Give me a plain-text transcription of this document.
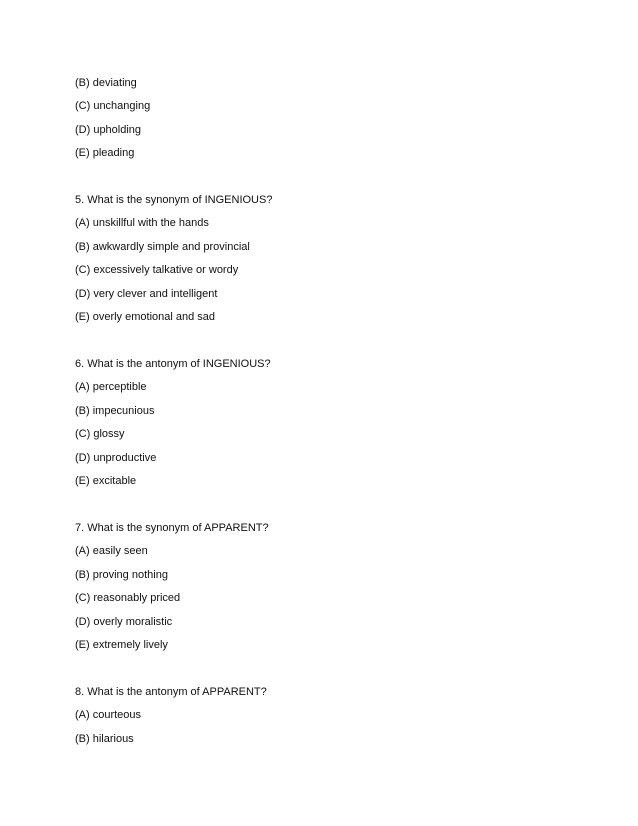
(B) deviating
(C) unchanging
(D) upholding
(E) pleading
5. What is the synonym of INGENIOUS?
(A) unskillful with the hands
(B) awkwardly simple and provincial
(C) excessively talkative or wordy
(D) very clever and intelligent
(E) overly emotional and sad
6. What is the antonym of INGENIOUS?
(A) perceptible
(B) impecunious
(C) glossy
(D) unproductive
(E) excitable
7. What is the synonym of APPARENT?
(A) easily seen
(B) proving nothing
(C) reasonably priced
(D) overly moralistic
(E) extremely lively
8. What is the antonym of APPARENT?
(A) courteous
(B) hilarious
